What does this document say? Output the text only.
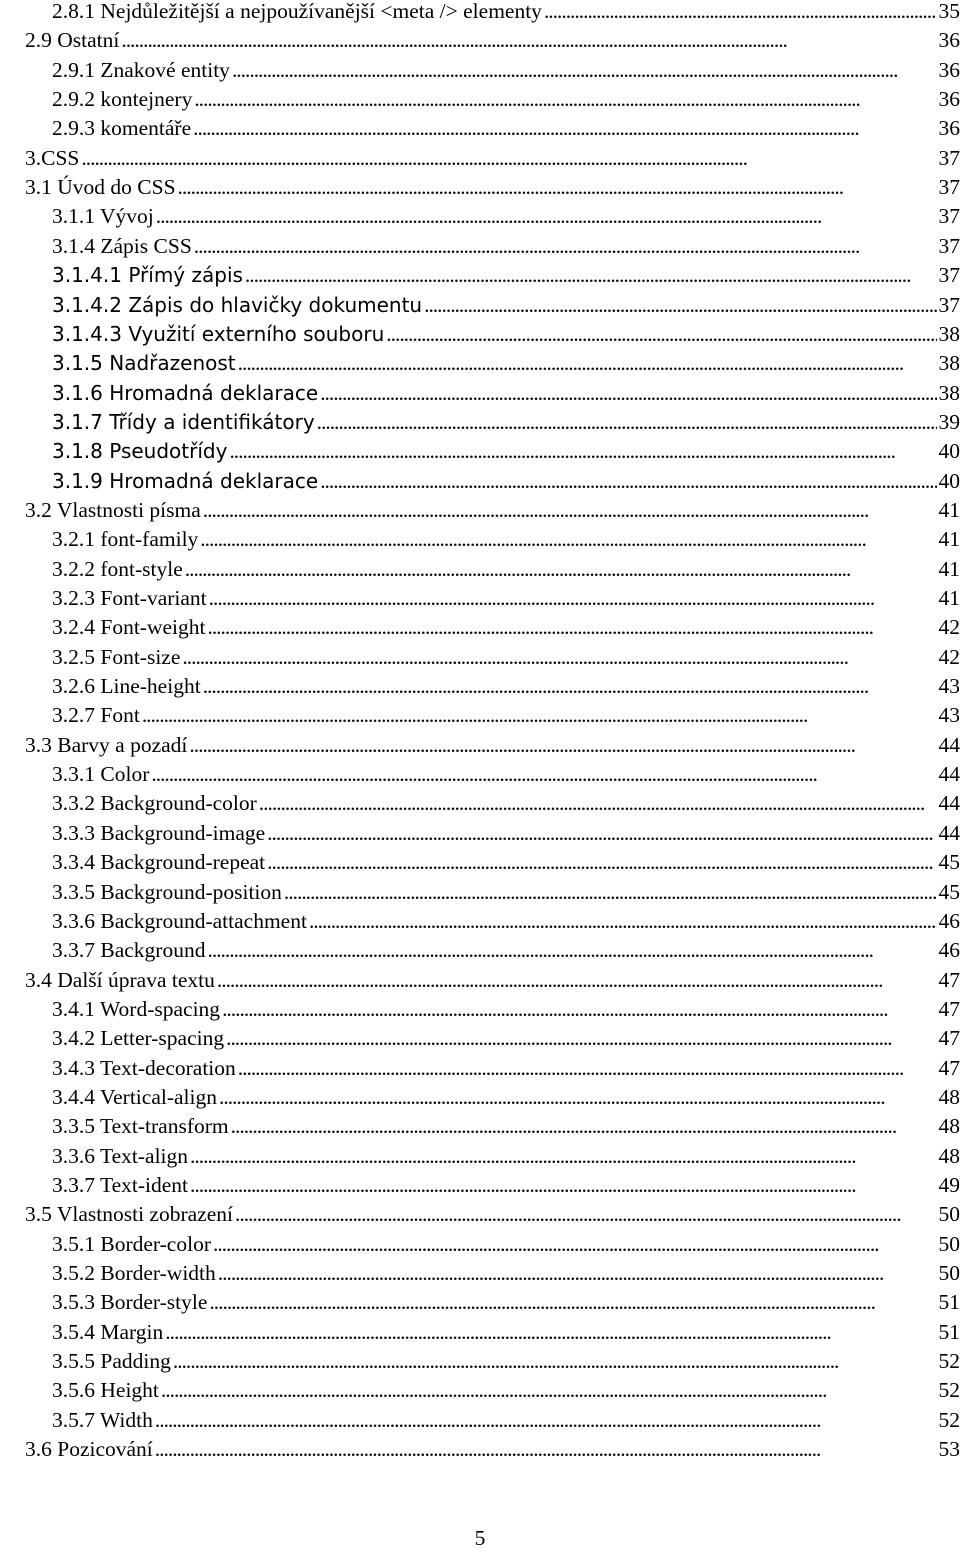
2.8.1 Nejdůležitější a nejpoužívanější <meta /> elementy . . .	35
2.9 Ostatní . . .	36
2.9.1 Znakové entity . . .	36
2.9.2 kontejnery . . .	36
2.9.3 komentáře . . .	36
3.CSS . . .	37
3.1 Úvod do CSS . . .	37
3.1.1 Vývoj . . .	37
3.1.4 Zápis CSS . . .	37
3.1.4.1 Přímý zápis . . .	37
3.1.4.2 Zápis do hlavičky dokumentu . . .	37
3.1.4.3 Využití externího souboru . . .	38
3.1.5 Nadřazenost . . .	38
3.1.6 Hromadná deklarace . . .	38
3.1.7 Třídy a identifikátory . . .	39
3.1.8 Pseudotřídy . . .	40
3.1.9 Hromadná deklarace . . .	40
3.2 Vlastnosti písma . . .	41
3.2.1 font-family . . .	41
3.2.2 font-style . . .	41
3.2.3 Font-variant . . .	41
3.2.4 Font-weight . . .	42
3.2.5 Font-size . . .	42
3.2.6 Line-height . . .	43
3.2.7 Font . . .	43
3.3 Barvy a pozadí . . .	44
3.3.1 Color . . .	44
3.3.2 Background-color . . .	44
3.3.3 Background-image . . .	44
3.3.4 Background-repeat . . .	45
3.3.5 Background-position . . .	45
3.3.6 Background-attachment . . .	46
3.3.7 Background . . .	46
3.4 Další úprava textu . . .	47
3.4.1 Word-spacing . . .	47
3.4.2 Letter-spacing . . .	47
3.4.3 Text-decoration . . .	47
3.4.4 Vertical-align . . .	48
3.3.5 Text-transform . . .	48
3.3.6 Text-align . . .	48
3.3.7 Text-ident . . .	49
3.5 Vlastnosti zobrazení . . .	50
3.5.1 Border-color . . .	50
3.5.2 Border-width . . .	50
3.5.3 Border-style . . .	51
3.5.4 Margin . . .	51
3.5.5 Padding . . .	52
3.5.6 Height . . .	52
3.5.7 Width . . .	52
3.6 Pozicování . . .	53
5
